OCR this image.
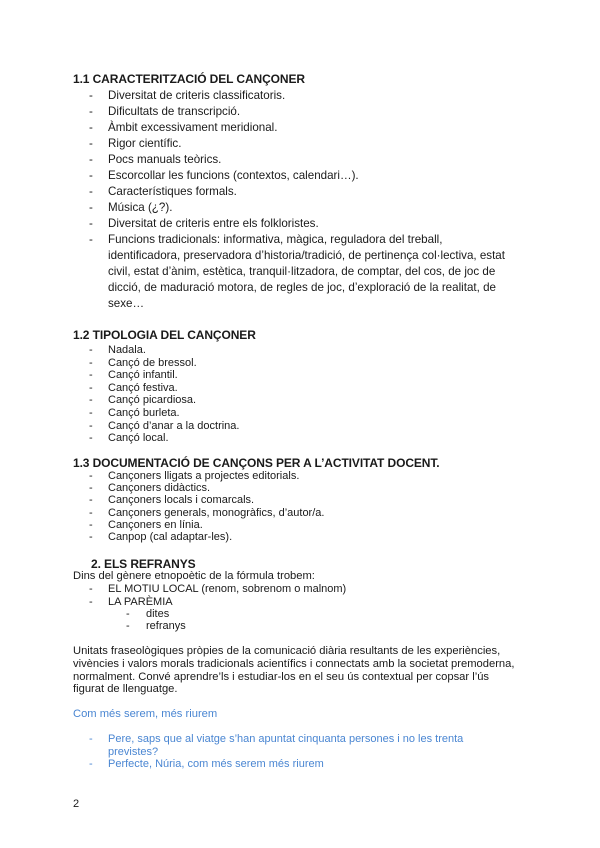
1.1 CARACTERITZACIÓ DEL CANÇONER
- Diversitat de criteris classificatoris.
- Dificultats de transcripció.
- Àmbit excessivament meridional.
- Rigor científic.
- Pocs manuals teòrics.
- Escorcollar les funcions (contextos, calendari…).
- Característiques formals.
- Música (¿?).
- Diversitat de criteris entre els folkloristes.
- Funcions tradicionals: informativa, màgica, reguladora del treball, identificadora, preservadora d’historia/tradició, de pertinença col·lectiva, estat civil, estat d’ànim, estètica, tranquil·litzadora, de comptar, del cos, de joc de dicció, de maduració motora, de regles de joc, d’exploració de la realitat, de sexe…
1.2 TIPOLOGIA DEL CANÇONER
- Nadala.
- Cançó de bressol.
- Cançó infantil.
- Cançó festiva.
- Cançó picardiosa.
- Cançó burleta.
- Cançó d’anar a la doctrina.
- Cançó local.
1.3 DOCUMENTACIÓ DE CANÇONS PER A L’ACTIVITAT DOCENT.
- Cançoners lligats a projectes editorials.
- Cançoners didàctics.
- Cançoners locals i comarcals.
- Cançoners generals, monogràfics, d’autor/a.
- Cançoners en línia.
- Canpop (cal adaptar-les).
2. ELS REFRANYS
Dins del gènere etnopoètic de la fórmula trobem:
- EL MOTIU LOCAL (renom, sobrenom o malnom)
- LA PARÈMIA
- dites
- refranys
Unitats fraseològiques pròpies de la comunicació diària resultants de les experiències, vivències i valors morals tradicionals acientífics i connectats amb la societat premoderna, normalment. Convé aprendre’ls i estudiar-los en el seu ús contextual per copsar l’ús figurat de llenguatge.
Com més serem, més riurem
- Pere, saps que al viatge s’han apuntat cinquanta persones i no les trenta previstes?
- Perfecte, Núria, com més serem més riurem
2
